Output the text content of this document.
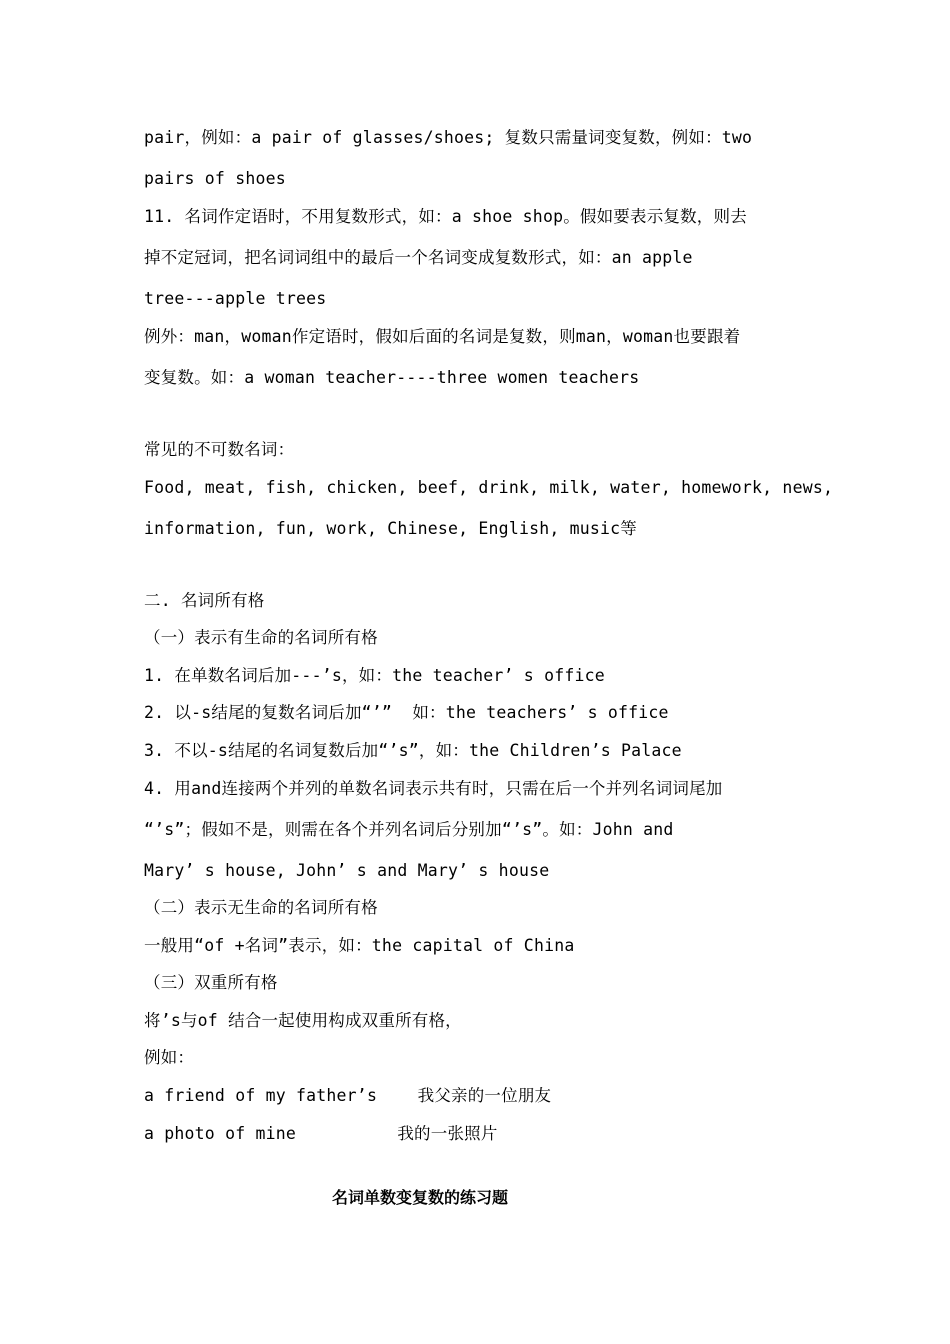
pair，例如：a pair of glasses/shoes; 复数只需量词变复数，例如：two
pairs of shoes
11. 名词作定语时，不用复数形式，如：a shoe shop。假如要表示复数，则去
掉不定冠词，把名词词组中的最后一个名词变成复数形式，如：an apple
tree---apple trees
例外：man，woman作定语时，假如后面的名词是复数，则man，woman也要跟着
变复数。如：a woman teacher----three women teachers
常见的不可数名词：
Food, meat, fish, chicken, beef, drink, milk, water, homework, news,
information, fun, work, Chinese, English, music等
二. 名词所有格
（一）表示有生命的名词所有格
1. 在单数名词后加---’s，如：the teacher’ s office
2. 以-s结尾的复数名词后加“’”  如：the teachers’ s office
3. 不以-s结尾的名词复数后加“’s”，如：the Children’s Palace
4. 用and连接两个并列的单数名词表示共有时，只需在后一个并列名词词尾加
“’s”；假如不是，则需在各个并列名词后分别加“’s”。如：John and
Mary’ s house, John’ s and Mary’ s house
（二）表示无生命的名词所有格
一般用“of +名词”表示，如：the capital of China
（三）双重所有格
将’s与of 结合一起使用构成双重所有格，
例如：
a friend of my father’s    我父亲的一位朋友
a photo of mine          我的一张照片
名词单数变复数的练习题
